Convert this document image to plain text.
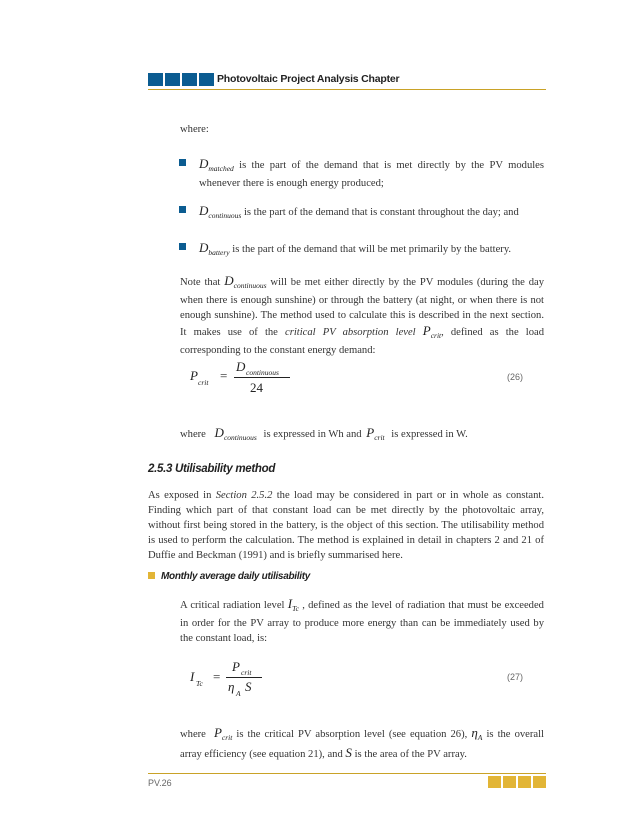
Photovoltaic Project Analysis Chapter
where:
$D_{matched}$ is the part of the demand that is met directly by the PV modules whenever there is enough energy produced;
$D_{continuous}$ is the part of the demand that is constant throughout the day; and
$D_{battery}$ is the part of the demand that will be met primarily by the battery.
Note that $D_{continuous}$ will be met either directly by the PV modules (during the day when there is enough sunshine) or through the battery (at night, or when there is not enough sunshine). The method used to calculate this is described in the next section. It makes use of the critical PV absorption level $P_{crit}$, defined as the load corresponding to the constant energy demand:
P crit =
D continuous
24
(26)
where $D_{continuous}$ is expressed in Wh and $P_{crit}$ is expressed in W.
2.5.3 Utilisability method
As exposed in Section 2.5.2 the load may be considered in part or in whole as constant. Finding which part of that constant load can be met directly by the photovoltaic array, without first being stored in the battery, is the object of this section. The utilisability method is used to perform the calculation. The method is explained in detail in chapters 2 and 21 of Duffie and Beckman (1991) and is briefly summarised here.
Monthly average daily utilisability
A critical radiation level $I_{Tc}$ , defined as the level of radiation that must be exceeded in order for the PV array to produce more energy than can be immediately used by the constant load, is:
I Tc =
P crit
η A S
(27)
where $P_{crit}$ is the critical PV absorption level (see equation 26), $\eta_A$ is the overall array efficiency (see equation 21), and S is the area of the PV array.
PV.26
